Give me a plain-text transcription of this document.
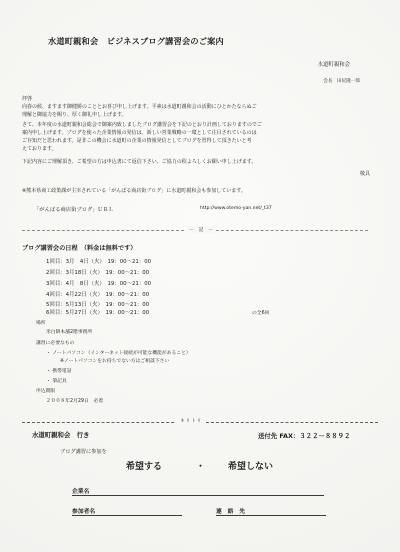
水道町親和会　ビジネスブログ講習会のご案内
水道町親和会
会長　田尻隆一郎
拝啓
向春の候、ますます御健勝のこととお喜び申し上げます。平素は水道町親和会の活動にひとかたならぬご
理解と御協力を賜り、厚く御礼申し上げます。
さて、本年度の水道町親和会総会で御案内致しましたブログ講習会を下記のとおり計画しておりますのでご
案内申し上げます。ブログを使った企業情報の発信は、新しい営業戦略の一環として注目されているのは
ご存知だと思われます。是非この機会に水道町の企業の情報発信としてブログを習得して頂きたいと考
えております。
下記内容にご理解頂き、ご希望の方は申込書にて返信下さい。ご協力の程よろしくお願い申し上げます。
敬具
※熊本県商工政策課が主宰されている「がんばる商店街ブログ」に水道町親和会も参加しています。
「がんばる商店街ブログ」ＵＲＬ	http://www.otemo-yan.net/_t37
－　記　－
ブログ講習会の日程　（料金は無料です）
1回目：3月　4日（火）　19：00～21：00
2回目：3月18日（火）　19：00～21：00
3回目：4月　8日（火）　19：00～21：00
4回目：4月22日（火）　19：00～21：00
5回目：5月13日（火）　19：00～21：00
6回目：5月27日（火）　19：00～21：00	の全6回
場所
米白餅本舗2階事務所
講習に必要なもの
・ ノートパソコン（インターネット接続が可能な機能があること）
※ノートパソコンをお持ちでない方はご相談下さい
・ 携帯電話
・ 筆記具
申込期限
２００８年2月29日　必着
キリトリ
水道町親和会　行き	送付先 FAX：３２２－８８９２
ブログ講習に参加を
希望する	・	希望しない
企業名
参加者名	連　絡　先
